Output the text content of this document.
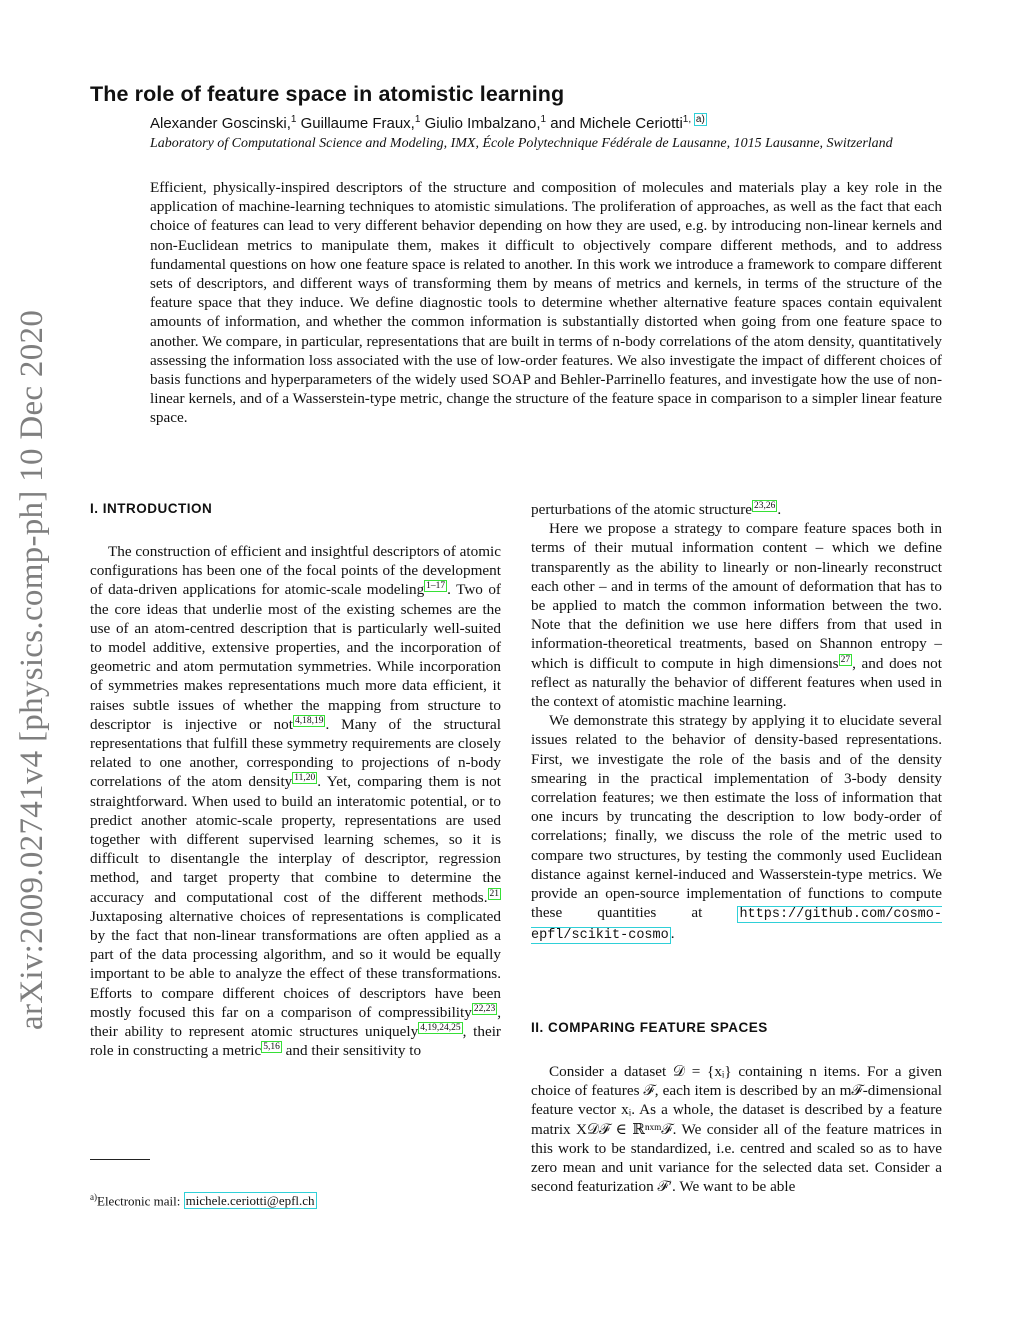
arXiv:2009.02741v4 [physics.comp-ph] 10 Dec 2020
The role of feature space in atomistic learning
Alexander Goscinski,$^1$ Guillaume Fraux,$^1$ Giulio Imbalzano,$^1$ and Michele Ceriotti$^{1, a)}$
Laboratory of Computational Science and Modeling, IMX, École Polytechnique Fédérale de Lausanne, 1015 Lausanne, Switzerland
Efficient, physically-inspired descriptors of the structure and composition of molecules and materials play a key role in the application of machine-learning techniques to atomistic simulations. The proliferation of approaches, as well as the fact that each choice of features can lead to very different behavior depending on how they are used, e.g. by introducing non-linear kernels and non-Euclidean metrics to manipulate them, makes it difficult to objectively compare different methods, and to address fundamental questions on how one feature space is related to another. In this work we introduce a framework to compare different sets of descriptors, and different ways of transforming them by means of metrics and kernels, in terms of the structure of the feature space that they induce. We define diagnostic tools to determine whether alternative feature spaces contain equivalent amounts of information, and whether the common information is substantially distorted when going from one feature space to another. We compare, in particular, representations that are built in terms of n-body correlations of the atom density, quantitatively assessing the information loss associated with the use of low-order features. We also investigate the impact of different choices of basis functions and hyperparameters of the widely used SOAP and Behler-Parrinello features, and investigate how the use of non-linear kernels, and of a Wasserstein-type metric, change the structure of the feature space in comparison to a simpler linear feature space.
I. INTRODUCTION

The construction of efficient and insightful descriptors of atomic configurations has been one of the focal points of the development of data-driven applications for atomic-scale modeling $^{1-17}$ . Two of the core ideas that underlie most of the existing schemes are the use of an atom-centred description that is particularly well-suited to model additive, extensive properties, and the incorporation of geometric and atom permutation symmetries. While incorporation of symmetries makes representations much more data efficient, it raises subtle issues of whether the mapping from structure to descriptor is injective or not $^{4,18,19}$ . Many of the structural representations that fulfill these symmetry requirements are closely related to one another, corresponding to projections of n-body correlations of the atom density $^{11,20}$ . Yet, comparing them is not straightforward. When used to build an interatomic potential, or to predict another atomic-scale property, representations are used together with different supervised learning schemes, so it is difficult to disentangle the interplay of descriptor, regression method, and target property that combine to determine the accuracy and computational cost of the different methods. $^{21}$ Juxtaposing alternative choices of representations is complicated by the fact that non-linear transformations are often applied as a part of the data processing algorithm, and so it would be equally important to be able to analyze the effect of these transformations. Efforts to compare different choices of descriptors have been mostly focused this far on a comparison of compressibility $^{22,23}$ , their ability to represent atomic structures uniquely $^{4,19,24,25}$ , their role in constructing a metric $^{5,16}$ and their sensitivity to

perturbations of the atomic structure $^{23,26}$ .

Here we propose a strategy to compare feature spaces both in terms of their mutual information content – which we define transparently as the ability to linearly or non-linearly reconstruct each other – and in terms of the amount of deformation that has to be applied to match the common information between the two. Note that the definition we use here differs from that used in information-theoretical treatments, based on Shannon entropy – which is difficult to compute in high dimensions $^{27}$ , and does not reflect as naturally the behavior of different features when used in the context of atomistic machine learning.

We demonstrate this strategy by applying it to elucidate several issues related to the behavior of density-based representations. First, we investigate the role of the basis and of the density smearing in the practical implementation of 3-body density correlation features; we then estimate the loss of information that one incurs by truncating the description to low body-order of correlations; finally, we discuss the role of the metric used to compare two structures, by testing the commonly used Euclidean distance against kernel-induced and Wasserstein-type metrics. We provide an open-source implementation of functions to compute these quantities at https://github.com/cosmo-epfl/scikit-cosmo .

II. COMPARING FEATURE SPACES

Consider a dataset 𝒟 = {xᵢ} containing n items. For a given choice of features ℱ, each item is described by an mℱ-dimensional feature vector xᵢ. As a whole, the dataset is described by a feature matrix X𝒟ℱ ∈ ℝⁿˣᵐℱ. We consider all of the feature matrices in this work to be standardized, i.e. centred and scaled so as to have zero mean and unit variance for the selected data set. Consider a second featurization ℱ′. We want to be able

$^{a)}$Electronic mail: michele.ceriotti@epfl.ch
